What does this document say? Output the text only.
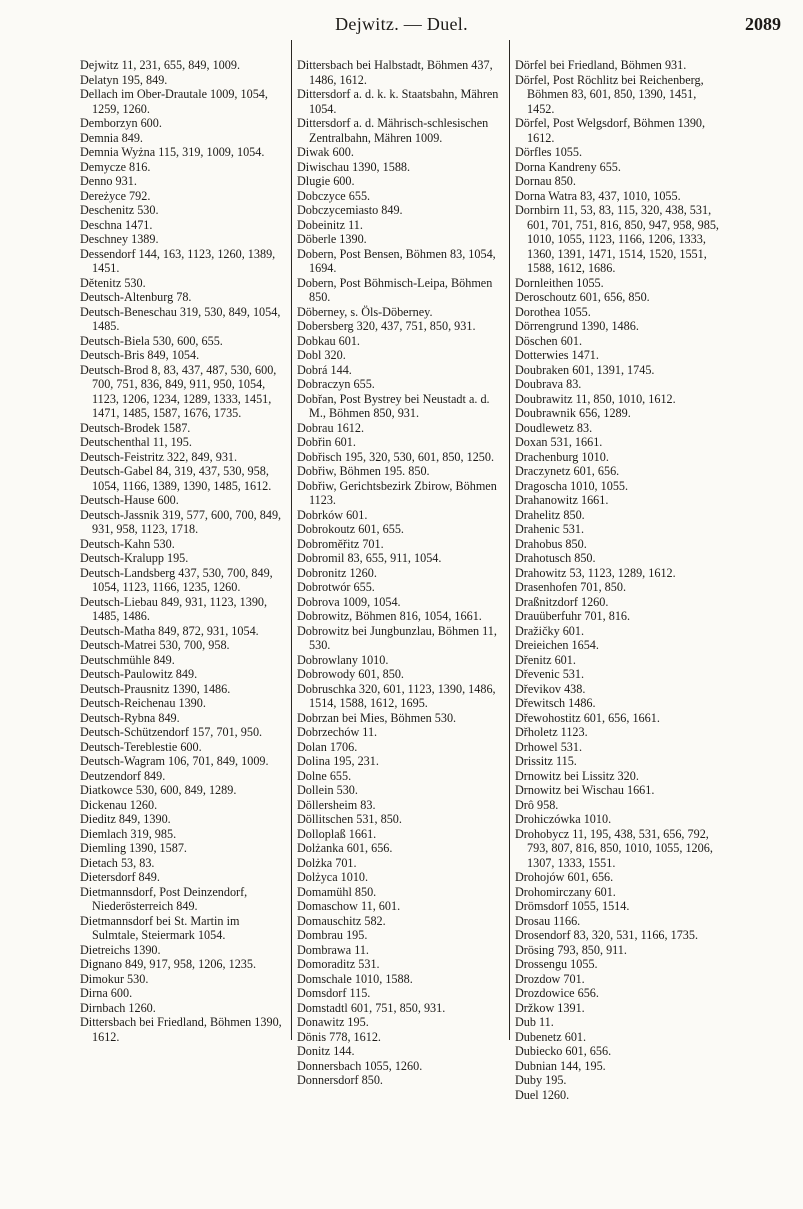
Dejwitz. — Duel.	2089

Dejwitz 11, 231, 655, 849, 1009.

Delatyn 195, 849.

Dellach im Ober-Drautale 1009, 1054, 1259, 1260.

Demborzyn 600.

Demnia 849.

Demnia Wyżna 115, 319, 1009, 1054.

Demycze 816.

Denno 931.

Dereżyce 792.

Deschenitz 530.

Deschna 1471.

Deschney 1389.

Dessendorf 144, 163, 1123, 1260, 1389, 1451.

Dětenitz 530.

Deutsch-Altenburg 78.

Deutsch-Beneschau 319, 530, 849, 1054, 1485.

Deutsch-Biela 530, 600, 655.

Deutsch-Bris 849, 1054.

Deutsch-Brod 8, 83, 437, 487, 530, 600, 700, 751, 836, 849, 911, 950, 1054, 1123, 1206, 1234, 1289, 1333, 1451, 1471, 1485, 1587, 1676, 1735.

Deutsch-Brodek 1587.

Deutschenthal 11, 195.

Deutsch-Feistritz 322, 849, 931.

Deutsch-Gabel 84, 319, 437, 530, 958, 1054, 1166, 1389, 1390, 1485, 1612.

Deutsch-Hause 600.

Deutsch-Jassnik 319, 577, 600, 700, 849, 931, 958, 1123, 1718.

Deutsch-Kahn 530.

Deutsch-Kralupp 195.

Deutsch-Landsberg 437, 530, 700, 849, 1054, 1123, 1166, 1235, 1260.

Deutsch-Liebau 849, 931, 1123, 1390, 1485, 1486.

Deutsch-Matha 849, 872, 931, 1054.

Deutsch-Matrei 530, 700, 958.

Deutschmühle 849.

Deutsch-Paulowitz 849.

Deutsch-Prausnitz 1390, 1486.

Deutsch-Reichenau 1390.

Deutsch-Rybna 849.

Deutsch-Schützendorf 157, 701, 950.

Deutsch-Tereblestie 600.

Deutsch-Wagram 106, 701, 849, 1009.

Deutzendorf 849.

Diatkowce 530, 600, 849, 1289.

Dickenau 1260.

Dieditz 849, 1390.

Diemlach 319, 985.

Diemling 1390, 1587.

Dietach 53, 83.

Dietersdorf 849.

Dietmannsdorf, Post Deinzendorf, Niederösterreich 849.

Dietmannsdorf bei St. Martin im Sulmtale, Steiermark 1054.

Dietreichs 1390.

Dignano 849, 917, 958, 1206, 1235.

Dimokur 530.

Dirna 600.

Dirnbach 1260.

Dittersbach bei Friedland, Böhmen 1390, 1612.

Dittersbach bei Halbstadt, Böhmen 437, 1486, 1612.

Dittersdorf a. d. k. k. Staatsbahn, Mähren 1054.

Dittersdorf a. d. Mährisch-schlesischen Zentralbahn, Mähren 1009.

Diwak 600.

Diwischau 1390, 1588.

Dlugie 600.

Dobczyce 655.

Dobczycemiasto 849.

Dobeinitz 11.

Döberle 1390.

Dobern, Post Bensen, Böhmen 83, 1054, 1694.

Dobern, Post Böhmisch-Leipa, Böhmen 850.

Döberney, s. Öls-Döberney.

Dobersberg 320, 437, 751, 850, 931.

Dobkau 601.

Dobl 320.

Dobrá 144.

Dobraczyn 655.

Dobřan, Post Bystrey bei Neustadt a. d. M., Böhmen 850, 931.

Dobrau 1612.

Dobřin 601.

Dobřisch 195, 320, 530, 601, 850, 1250.

Dobřiw, Böhmen 195. 850.

Dobřiw, Gerichtsbezirk Zbirow, Böhmen 1123.

Dobrków 601.

Dobrokoutz 601, 655.

Dobroměřitz 701.

Dobromil 83, 655, 911, 1054.

Dobronitz 1260.

Dobrotwór 655.

Dobrova 1009, 1054.

Dobrowitz, Böhmen 816, 1054, 1661.

Dobrowitz bei Jungbunzlau, Böhmen 11, 530.

Dobrowlany 1010.

Dobrowody 601, 850.

Dobruschka 320, 601, 1123, 1390, 1486, 1514, 1588, 1612, 1695.

Dobrzan bei Mies, Böhmen 530.

Dobrzechów 11.

Dolan 1706.

Dolina 195, 231.

Dolne 655.

Dollein 530.

Döllersheim 83.

Döllitschen 531, 850.

Dolloplaß 1661.

Dolżanka 601, 656.

Dolżka 701.

Dolżyca 1010.

Domamühl 850.

Domaschow 11, 601.

Domauschitz 582.

Dombrau 195.

Dombrawa 11.

Domoraditz 531.

Domschale 1010, 1588.

Domsdorf 115.

Domstadtl 601, 751, 850, 931.

Donawitz 195.

Dönis 778, 1612.

Donitz 144.

Donnersbach 1055, 1260.

Donnersdorf 850.

Dörfel bei Friedland, Böhmen 931.

Dörfel, Post Röchlitz bei Reichenberg, Böhmen 83, 601, 850, 1390, 1451, 1452.

Dörfel, Post Welgsdorf, Böhmen 1390, 1612.

Dörfles 1055.

Dorna Kandreny 655.

Dornau 850.

Dorna Watra 83, 437, 1010, 1055.

Dornbirn 11, 53, 83, 115, 320, 438, 531, 601, 701, 751, 816, 850, 947, 958, 985, 1010, 1055, 1123, 1166, 1206, 1333, 1360, 1391, 1471, 1514, 1520, 1551, 1588, 1612, 1686.

Dornleithen 1055.

Deroschoutz 601, 656, 850.

Dorothea 1055.

Dörrengrund 1390, 1486.

Döschen 601.

Dotterwies 1471.

Doubraken 601, 1391, 1745.

Doubrava 83.

Doubrawitz 11, 850, 1010, 1612.

Doubrawnik 656, 1289.

Doudlewetz 83.

Doxan 531, 1661.

Drachenburg 1010.

Draczynetz 601, 656.

Dragoscha 1010, 1055.

Drahanowitz 1661.

Drahelitz 850.

Drahenic 531.

Drahobus 850.

Drahotusch 850.

Drahowitz 53, 1123, 1289, 1612.

Drasenhofen 701, 850.

Draßnitzdorf 1260.

Drauüberfuhr 701, 816.

Dražičky 601.

Dreieichen 1654.

Dřenitz 601.

Dřevenic 531.

Dřevikov 438.

Dřewitsch 1486.

Dřewohostitz 601, 656, 1661.

Dřholetz 1123.

Drhowel 531.

Drissitz 115.

Drnowitz bei Lissitz 320.

Drnowitz bei Wischau 1661.

Drô 958.

Drohiczówka 1010.

Drohobycz 11, 195, 438, 531, 656, 792, 793, 807, 816, 850, 1010, 1055, 1206, 1307, 1333, 1551.

Drohojów 601, 656.

Drohomirczany 601.

Drömsdorf 1055, 1514.

Drosau 1166.

Drosendorf 83, 320, 531, 1166, 1735.

Drösing 793, 850, 911.

Drossengu 1055.

Drozdow 701.

Drozdowice 656.

Držkow 1391.

Dub 11.

Dubenetz 601.

Dubiecko 601, 656.

Dubnian 144, 195.

Duby 195.

Duel 1260.
